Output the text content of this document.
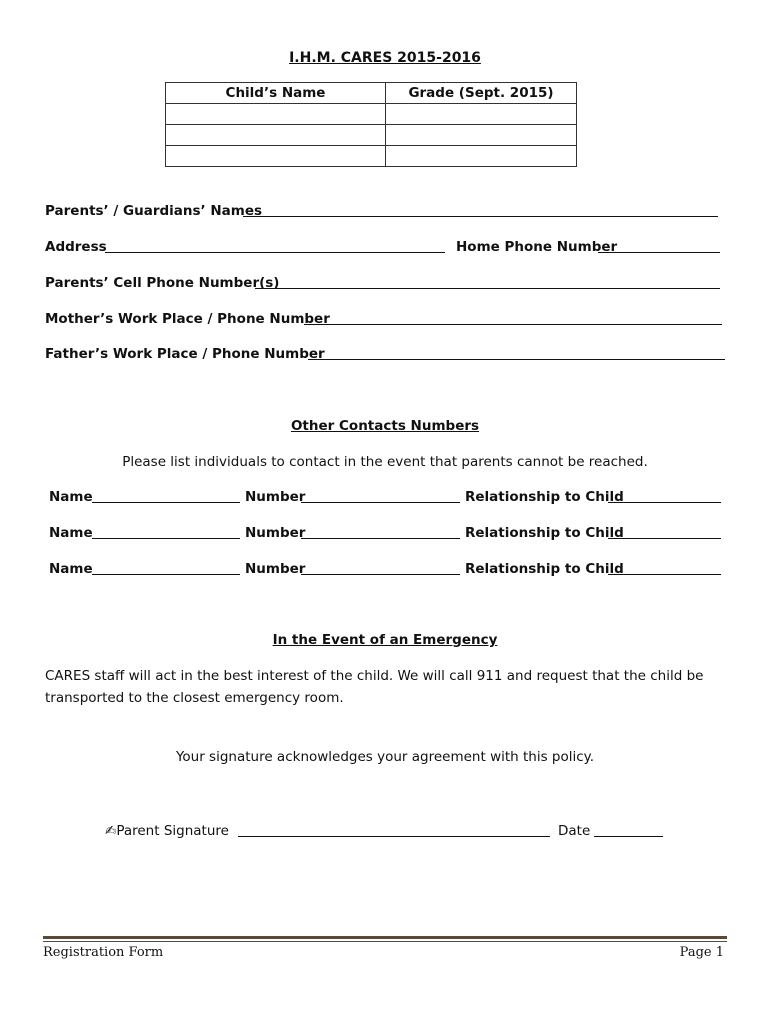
I.H.M. CARES 2015-2016
Child’s Name	Grade (Sept. 2015)

Parents’ / Guardians’ Names
Address	Home Phone Number
Parents’ Cell Phone Number(s)
Mother’s Work Place / Phone Number
Father’s Work Place / Phone Number
Other Contacts Numbers
Please list individuals to contact in the event that parents cannot be reached.
Name	Number	Relationship to Child
Name	Number	Relationship to Child
Name	Number	Relationship to Child
In the Event of an Emergency
CARES staff will act in the best interest of the child. We will call 911 and request that the child be
transported to the closest emergency room.
Your signature acknowledges your agreement with this policy.
✍Parent Signature	Date
Registration Form	Page 1
